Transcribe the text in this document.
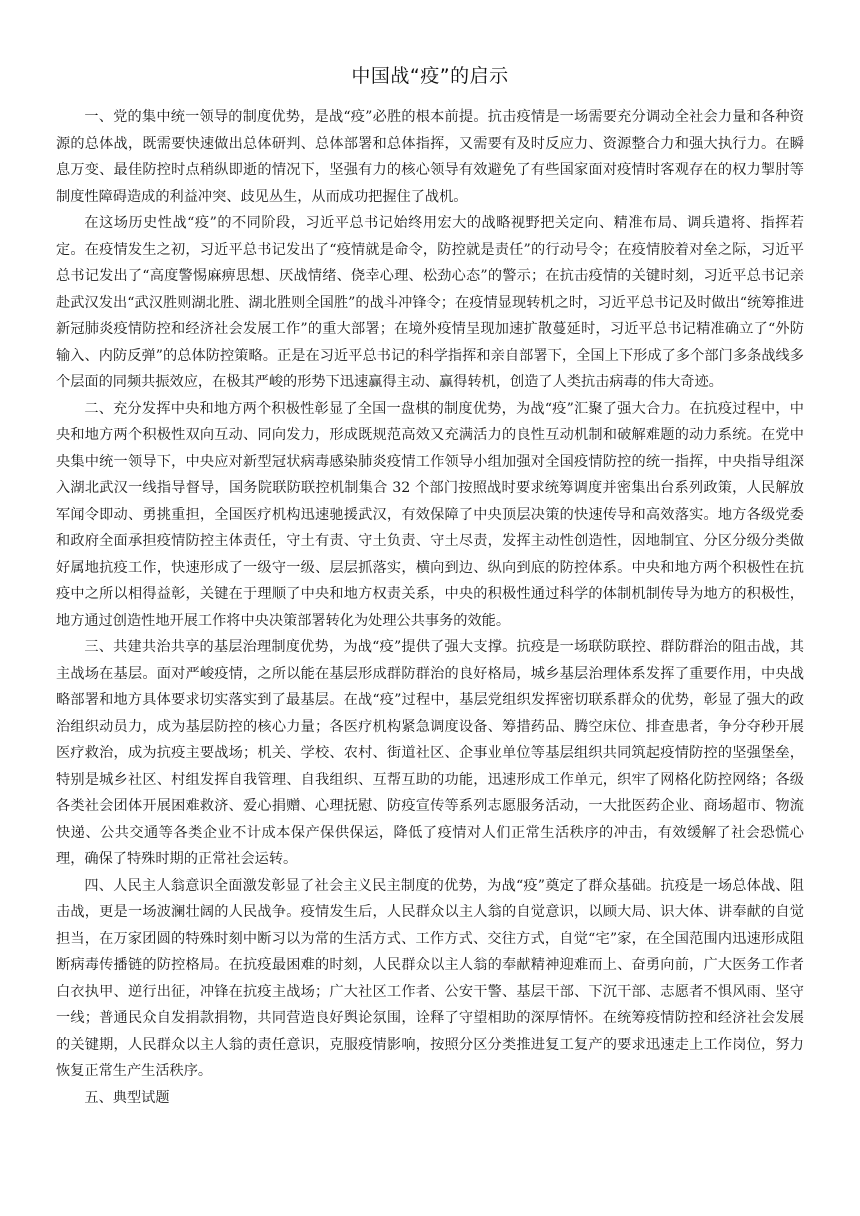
中国战“疫”的启示

一、党的集中统一领导的制度优势，是战“疫”必胜的根本前提。抗击疫情是一场需要充分调动全社会力量和各种资源的总体战，既需要快速做出总体研判、总体部署和总体指挥，又需要有及时反应力、资源整合力和强大执行力。在瞬息万变、最佳防控时点稍纵即逝的情况下，坚强有力的核心领导有效避免了有些国家面对疫情时客观存在的权力掣肘等制度性障碍造成的利益冲突、歧见丛生，从而成功把握住了战机。

在这场历史性战“疫”的不同阶段，习近平总书记始终用宏大的战略视野把关定向、精准布局、调兵遣将、指挥若定。在疫情发生之初，习近平总书记发出了“疫情就是命令，防控就是责任”的行动号令；在疫情胶着对垒之际，习近平总书记发出了“高度警惕麻痹思想、厌战情绪、侥幸心理、松劲心态”的警示；在抗击疫情的关键时刻，习近平总书记亲赴武汉发出“武汉胜则湖北胜、湖北胜则全国胜”的战斗冲锋令；在疫情显现转机之时，习近平总书记及时做出“统筹推进新冠肺炎疫情防控和经济社会发展工作”的重大部署；在境外疫情呈现加速扩散蔓延时，习近平总书记精准确立了“外防输入、内防反弹”的总体防控策略。正是在习近平总书记的科学指挥和亲自部署下，全国上下形成了多个部门多条战线多个层面的同频共振效应，在极其严峻的形势下迅速赢得主动、赢得转机，创造了人类抗击病毒的伟大奇迹。

二、充分发挥中央和地方两个积极性彰显了全国一盘棋的制度优势，为战“疫”汇聚了强大合力。在抗疫过程中，中央和地方两个积极性双向互动、同向发力，形成既规范高效又充满活力的良性互动机制和破解难题的动力系统。在党中央集中统一领导下，中央应对新型冠状病毒感染肺炎疫情工作领导小组加强对全国疫情防控的统一指挥，中央指导组深入湖北武汉一线指导督导，国务院联防联控机制集合 32 个部门按照战时要求统筹调度并密集出台系列政策，人民解放军闻令即动、勇挑重担，全国医疗机构迅速驰援武汉，有效保障了中央顶层决策的快速传导和高效落实。地方各级党委和政府全面承担疫情防控主体责任，守土有责、守土负责、守土尽责，发挥主动性创造性，因地制宜、分区分级分类做好属地抗疫工作，快速形成了一级守一级、层层抓落实，横向到边、纵向到底的防控体系。中央和地方两个积极性在抗疫中之所以相得益彰，关键在于理顺了中央和地方权责关系，中央的积极性通过科学的体制机制传导为地方的积极性，地方通过创造性地开展工作将中央决策部署转化为处理公共事务的效能。

三、共建共治共享的基层治理制度优势，为战“疫”提供了强大支撑。抗疫是一场联防联控、群防群治的阻击战，其主战场在基层。面对严峻疫情，之所以能在基层形成群防群治的良好格局，城乡基层治理体系发挥了重要作用，中央战略部署和地方具体要求切实落实到了最基层。在战“疫”过程中，基层党组织发挥密切联系群众的优势，彰显了强大的政治组织动员力，成为基层防控的核心力量；各医疗机构紧急调度设备、筹措药品、腾空床位、排查患者，争分夺秒开展医疗救治，成为抗疫主要战场；机关、学校、农村、街道社区、企事业单位等基层组织共同筑起疫情防控的坚强堡垒，特别是城乡社区、村组发挥自我管理、自我组织、互帮互助的功能，迅速形成工作单元，织牢了网格化防控网络；各级各类社会团体开展困难救济、爱心捐赠、心理抚慰、防疫宣传等系列志愿服务活动，一大批医药企业、商场超市、物流快递、公共交通等各类企业不计成本保产保供保运，降低了疫情对人们正常生活秩序的冲击，有效缓解了社会恐慌心理，确保了特殊时期的正常社会运转。

四、人民主人翁意识全面激发彰显了社会主义民主制度的优势，为战“疫”奠定了群众基础。抗疫是一场总体战、阻击战，更是一场波澜壮阔的人民战争。疫情发生后，人民群众以主人翁的自觉意识，以顾大局、识大体、讲奉献的自觉担当，在万家团圆的特殊时刻中断习以为常的生活方式、工作方式、交往方式，自觉“宅”家，在全国范围内迅速形成阻断病毒传播链的防控格局。在抗疫最困难的时刻，人民群众以主人翁的奉献精神迎难而上、奋勇向前，广大医务工作者白衣执甲、逆行出征，冲锋在抗疫主战场；广大社区工作者、公安干警、基层干部、下沉干部、志愿者不惧风雨、坚守一线；普通民众自发捐款捐物，共同营造良好舆论氛围，诠释了守望相助的深厚情怀。在统筹疫情防控和经济社会发展的关键期，人民群众以主人翁的责任意识，克服疫情影响，按照分区分类推进复工复产的要求迅速走上工作岗位，努力恢复正常生产生活秩序。

五、典型试题
